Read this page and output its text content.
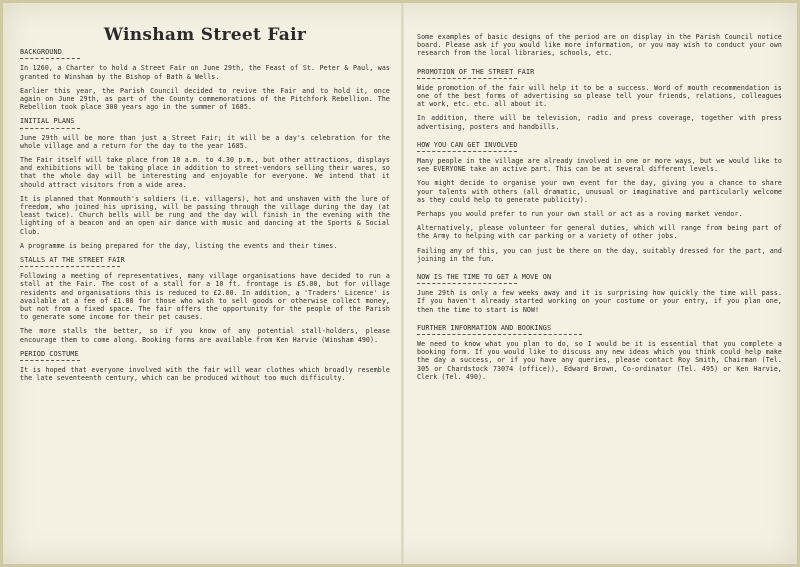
Winsham Street Fair
BACKGROUND

In 1260, a Charter to hold a Street Fair on June 29th, the Feast of St. Peter & Paul, was granted to Winsham by the Bishop of Bath & Wells.

Earlier this year, the Parish Council decided to revive the Fair and to hold it, once again on June 29th, as part of the County commemorations of the Pitchfork Rebellion. The Rebellion took place 300 years ago in the summer of 1685.

INITIAL PLANS

June 29th will be more than just a Street Fair; it will be a day's celebration for the whole village and a return for the day to the year 1685.

The Fair itself will take place from 10 a.m. to 4.30 p.m., but other attractions, displays and exhibitions will be taking place in addition to street-vendors selling their wares, so that the whole day will be interesting and enjoyable for everyone. We intend that it should attract visitors from a wide area.

It is planned that Monmouth's soldiers (i.e. villagers), hot and unshaven with the lure of freedom, who joined his uprising, will be passing through the village during the day (at least twice). Church bells will be rung and the day will finish in the evening with the lighting of a beacon and an open air dance with music and dancing at the Sports & Social Club.

A programme is being prepared for the day, listing the events and their times.

STALLS AT THE STREET FAIR

Following a meeting of representatives, many village organisations have decided to run a stall at the Fair. The cost of a stall for a 10 ft. frontage is £5.00, but for village residents and organisations this is reduced to £2.00. In addition, a 'Traders' Licence' is available at a fee of £1.00 for those who wish to sell goods or otherwise collect money, but not from a fixed space. The fair offers the opportunity for the people of the Parish to generate some income for their pet causes.

The more stalls the better, so if you know of any potential stall-holders, please encourage them to come along. Booking forms are available from Ken Harvie (Winsham 490).

PERIOD COSTUME

It is hoped that everyone involved with the fair will wear clothes which broadly resemble the late seventeenth century, which can be produced without too much difficulty.

Some examples of basic designs of the period are on display in the Parish Council notice board. Please ask if you would like more information, or you may wish to conduct your own research from the local libraries, schools, etc.

PROMOTION OF THE STREET FAIR

Wide promotion of the fair will help it to be a success. Word of mouth recommendation is one of the best forms of advertising so please tell your friends, relations, colleagues at work, etc. etc. all about it.

In addition, there will be television, radio and press coverage, together with press advertising, posters and handbills.

HOW YOU CAN GET INVOLVED

Many people in the village are already involved in one or more ways, but we would like to see EVERYONE take an active part. This can be at several different levels.

You might decide to organise your own event for the day, giving you a chance to share your talents with others (all dramatic, unusual or imaginative and particularly welcome as they could help to generate publicity).

Perhaps you would prefer to run your own stall or act as a roving market vendor.

Alternatively, please volunteer for general duties, which will range from being part of the Army to helping with car parking or a variety of other jobs.

Failing any of this, you can just be there on the day, suitably dressed for the part, and joining in the fun.

NOW IS THE TIME TO GET A MOVE ON

June 29th is only a few weeks away and it is surprising how quickly the time will pass. If you haven't already started working on your costume or your entry, if you plan one, then the time to start is NOW!

FURTHER INFORMATION AND BOOKINGS

We need to know what you plan to do, so I would be it is essential that you complete a booking form. If you would like to discuss any new ideas which you think could help make the day a success, or if you have any queries, please contact Roy Smith, Chairman (Tel. 305 or Chardstock 73074 (office)), Edward Brown, Co-ordinator (Tel. 495) or Ken Harvie, Clerk (Tel. 490).
